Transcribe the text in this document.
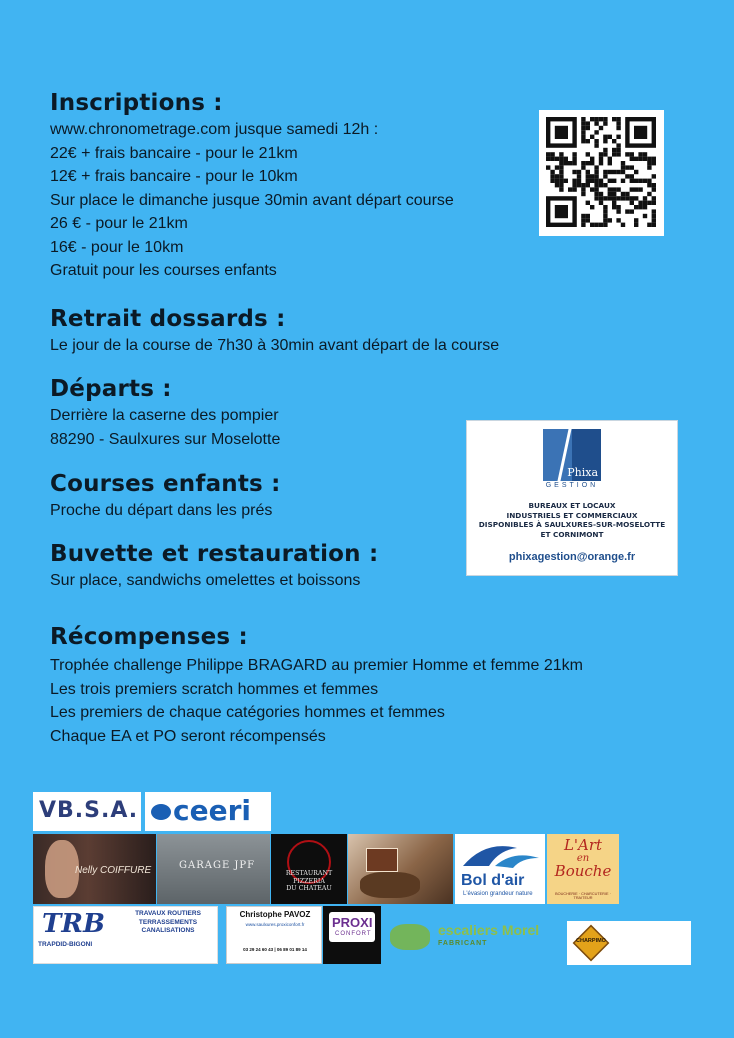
Inscriptions :
www.chronometrage.com jusque samedi 12h :
22€ + frais bancaire - pour le 21km
12€ + frais bancaire - pour le 10km
Sur place le dimanche jusque 30min avant départ course
26 € - pour le 21km
16€ - pour le 10km
Gratuit pour les courses enfants
Retrait dossards :
Le jour de la course de 7h30 à 30min avant départ de la course
Départs :
Derrière la caserne des pompier
88290 - Saulxures sur Moselotte
Courses enfants :
Proche du départ dans les prés
Buvette et restauration :
Sur place, sandwichs omelettes et boissons
Récompenses :
Trophée challenge Philippe BRAGARD au premier Homme et femme 21km
Les trois premiers scratch hommes et femmes
Les premiers de chaque catégories hommes et femmes
Chaque EA et PO seront récompensés
Phixa
GESTION
BUREAUX ET LOCAUX
INDUSTRIELS ET COMMERCIAUX
DISPONIBLES À SAULXURES-SUR-MOSELOTTE
ET CORNIMONT
phixagestion@orange.fr
VB.S.A. ceeri
Nelly COIFFURE	GARAGE JPF
RESTAURANT
PIZZERIA
DU CHATEAU	Bol d'air
L'évasion grandeur nature
L'Art
en
Bouche
BOUCHERIE · CHARCUTERIE · TRAITEUR
TRB
TRAPDID-BIGONI
TRAVAUX ROUTIERS
TERRASSEMENTS
CANALISATIONS
Christophe PAVOZ
www.saulxures.proxiconfort.fr
03 29 24 60 43 | 06 89 01 89 14
PROXI
CONFORT	escaliers Morel
FABRICANT	CHARPIMO
